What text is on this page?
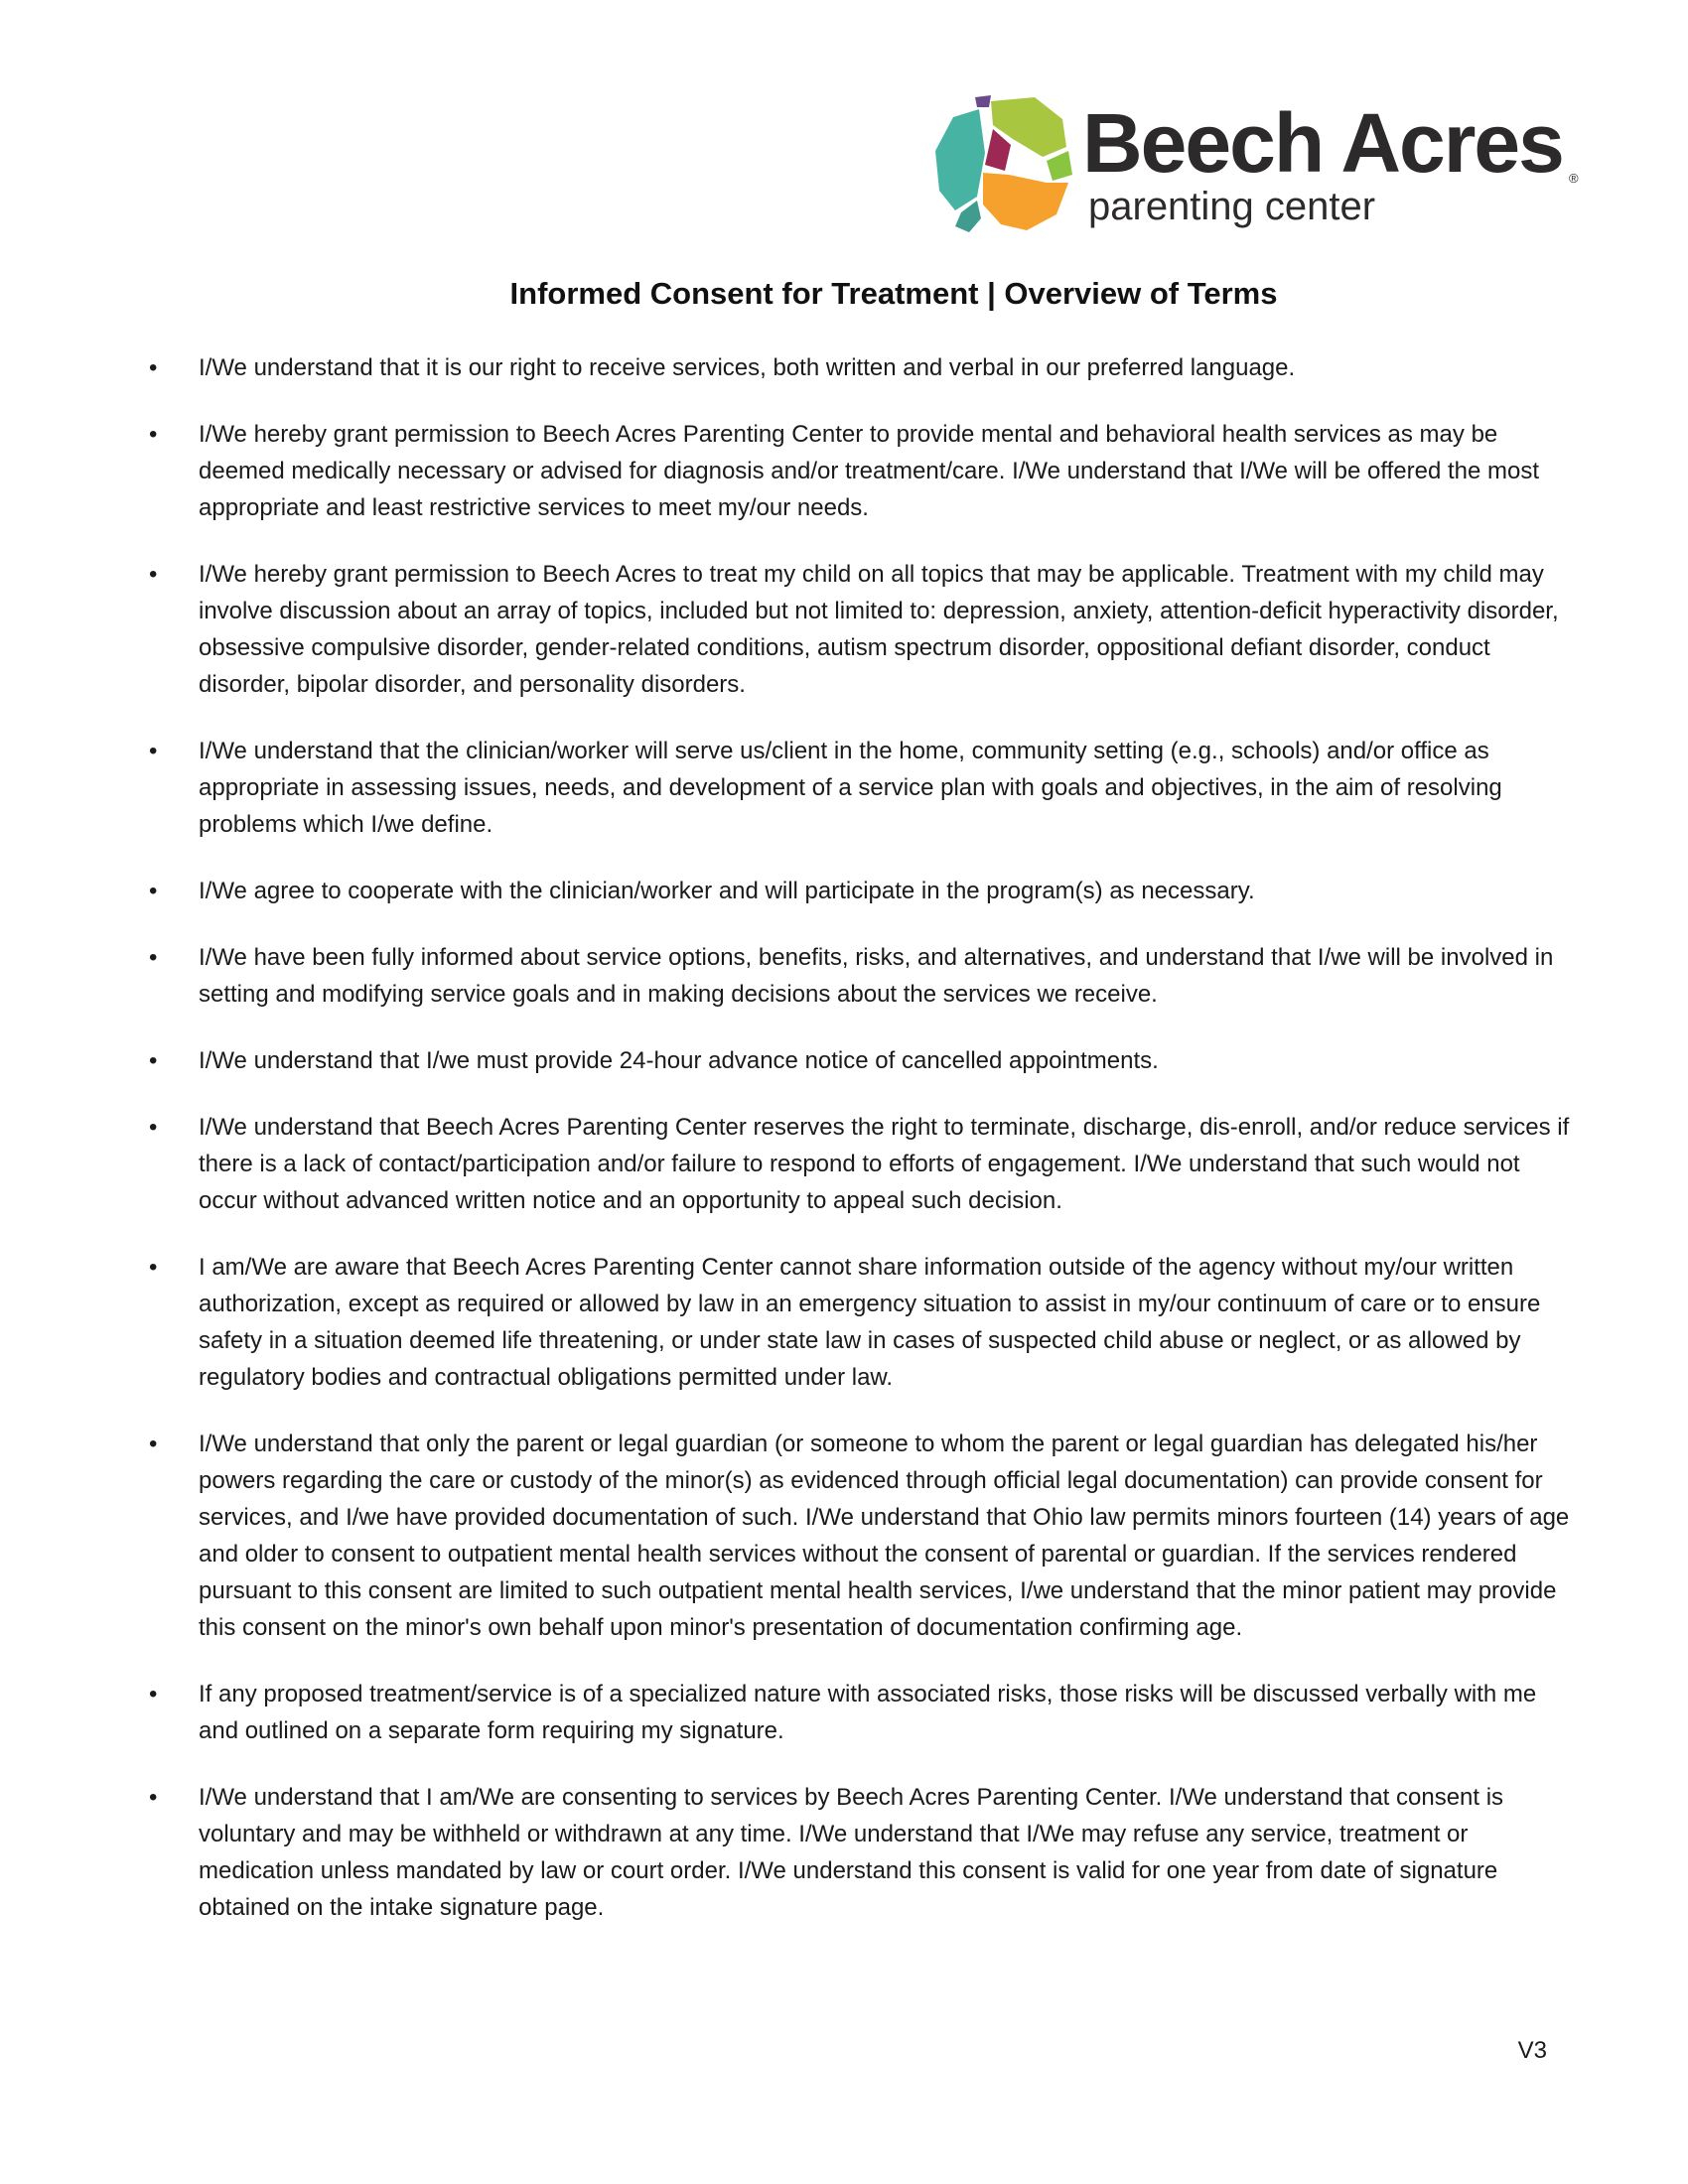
Beech Acres ®
parenting center
Informed Consent for Treatment | Overview of Terms
• I/We understand that it is our right to receive services, both written and verbal in our preferred language.
• I/We hereby grant permission to Beech Acres Parenting Center to provide mental and behavioral health services as may be deemed medically necessary or advised for diagnosis and/or treatment/care. I/We understand that I/We will be offered the most appropriate and least restrictive services to meet my/our needs.
• I/We hereby grant permission to Beech Acres to treat my child on all topics that may be applicable. Treatment with my child may involve discussion about an array of topics, included but not limited to: depression, anxiety, attention-deficit hyperactivity disorder, obsessive compulsive disorder, gender-related conditions, autism spectrum disorder, oppositional defiant disorder, conduct disorder, bipolar disorder, and personality disorders.
• I/We understand that the clinician/worker will serve us/client in the home, community setting (e.g., schools) and/or office as appropriate in assessing issues, needs, and development of a service plan with goals and objectives, in the aim of resolving problems which I/we define.
• I/We agree to cooperate with the clinician/worker and will participate in the program(s) as necessary.
• I/We have been fully informed about service options, benefits, risks, and alternatives, and understand that I/we will be involved in setting and modifying service goals and in making decisions about the services we receive.
• I/We understand that I/we must provide 24-hour advance notice of cancelled appointments.
• I/We understand that Beech Acres Parenting Center reserves the right to terminate, discharge, dis-enroll, and/or reduce services if there is a lack of contact/participation and/or failure to respond to efforts of engagement. I/We understand that such would not occur without advanced written notice and an opportunity to appeal such decision.
• I am/We are aware that Beech Acres Parenting Center cannot share information outside of the agency without my/our written authorization, except as required or allowed by law in an emergency situation to assist in my/our continuum of care or to ensure safety in a situation deemed life threatening, or under state law in cases of suspected child abuse or neglect, or as allowed by regulatory bodies and contractual obligations permitted under law.
• I/We understand that only the parent or legal guardian (or someone to whom the parent or legal guardian has delegated his/her powers regarding the care or custody of the minor(s) as evidenced through official legal documentation) can provide consent for services, and I/we have provided documentation of such. I/We understand that Ohio law permits minors fourteen (14) years of age and older to consent to outpatient mental health services without the consent of parental or guardian. If the services rendered pursuant to this consent are limited to such outpatient mental health services, I/we understand that the minor patient may provide this consent on the minor's own behalf upon minor's presentation of documentation confirming age.
• If any proposed treatment/service is of a specialized nature with associated risks, those risks will be discussed verbally with me and outlined on a separate form requiring my signature.
• I/We understand that I am/We are consenting to services by Beech Acres Parenting Center. I/We understand that consent is voluntary and may be withheld or withdrawn at any time. I/We understand that I/We may refuse any service, treatment or medication unless mandated by law or court order. I/We understand this consent is valid for one year from date of signature obtained on the intake signature page.
V3
